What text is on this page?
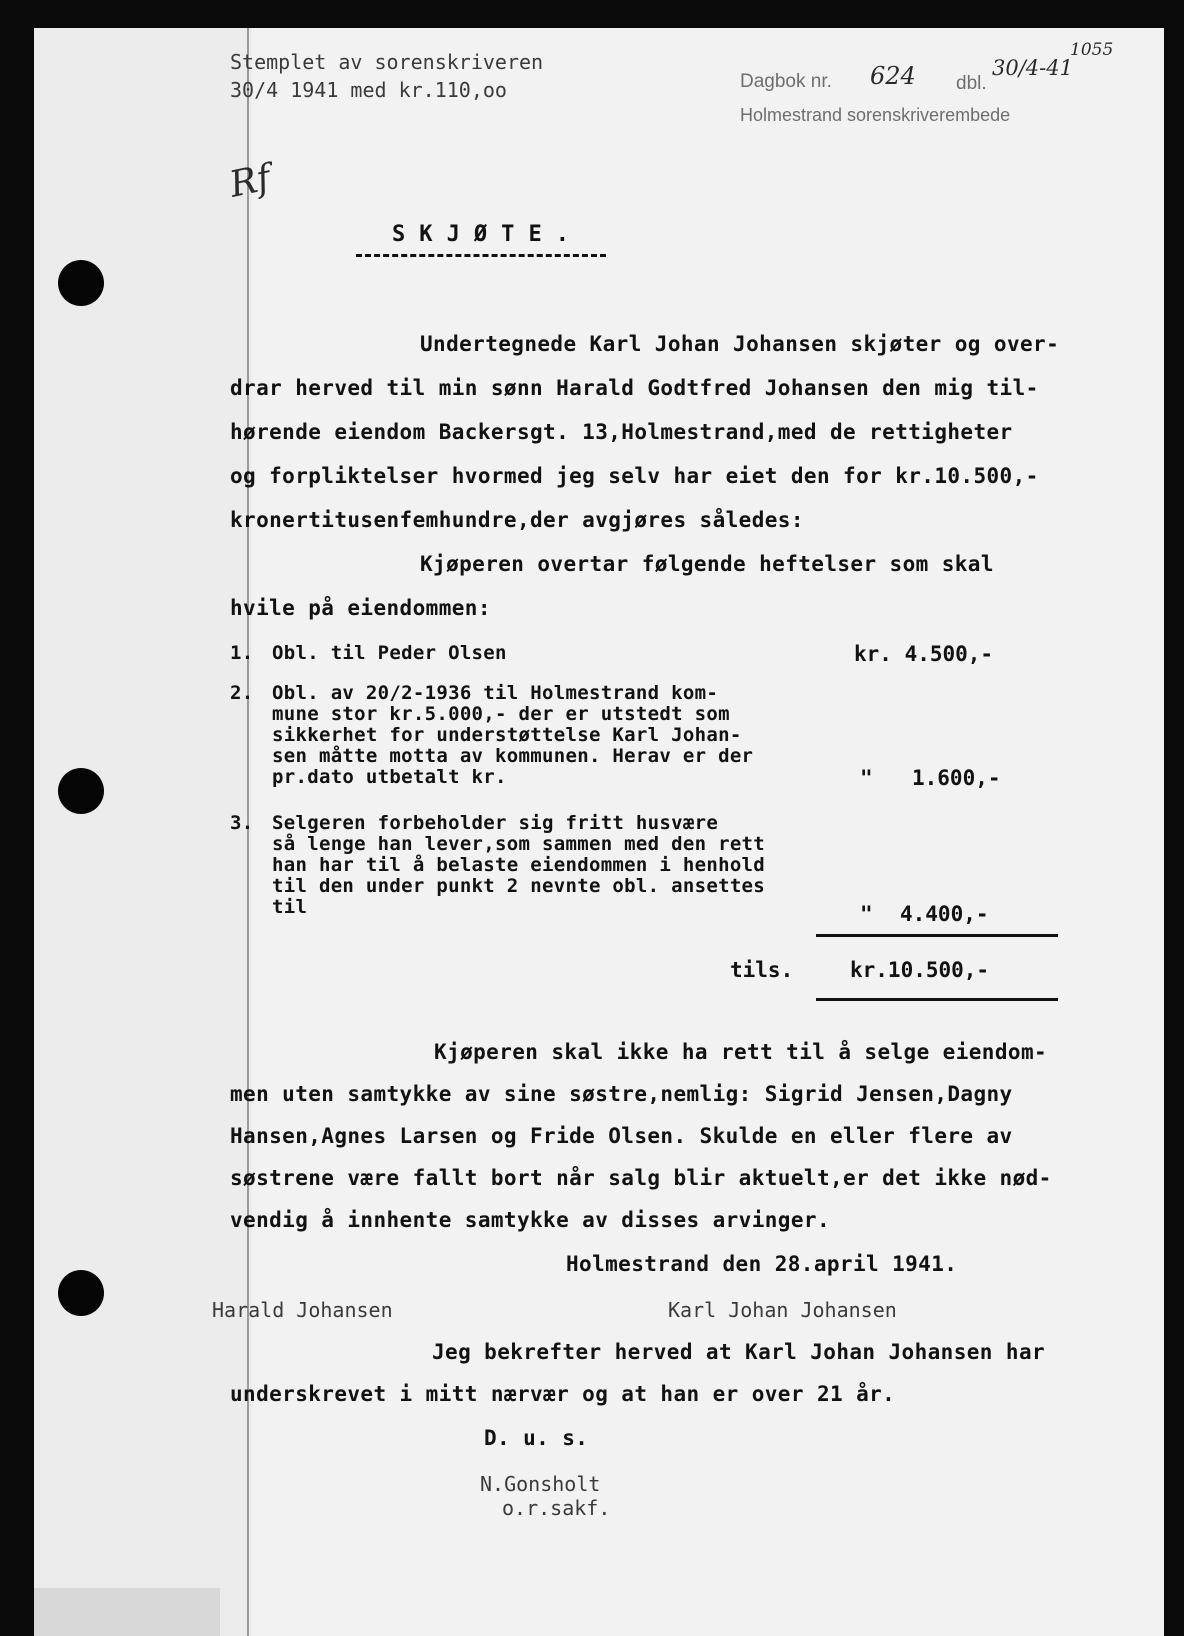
Stemplet av sorenskriveren
30/4 1941 med kr.110,oo	Dagbok nr. 624 dbl.
30/4-41
1055
Holmestrand sorenskriverembede
Rf
S K J Ø T E .
Undertegnede Karl Johan Johansen skjøter og over-
drar herved til min sønn Harald Godtfred Johansen den mig til-
hørende eiendom Backersgt. 13,Holmestrand,med de rettigheter
og forpliktelser hvormed jeg selv har eiet den for kr.10.500,-
kronertitusenfemhundre,der avgjøres således:
Kjøperen overtar følgende heftelser som skal
hvile på eiendommen:
1. Obl. til Peder Olsen	kr. 4.500,-
2. Obl. av 20/2-1936 til Holmestrand kom-
mune stor kr.5.000,- der er utstedt som
sikkerhet for understøttelse Karl Johan-
sen måtte motta av kommunen. Herav er der
pr.dato utbetalt kr.	" 1.600,-
3. Selgeren forbeholder sig fritt husvære
så lenge han lever,som sammen med den rett
han har til å belaste eiendommen i henhold
til den under punkt 2 nevnte obl. ansettes
til	" 4.400,-
tils.	kr.10.500,-
Kjøperen skal ikke ha rett til å selge eiendom-
men uten samtykke av sine søstre,nemlig: Sigrid Jensen,Dagny
Hansen,Agnes Larsen og Fride Olsen. Skulde en eller flere av
søstrene være fallt bort når salg blir aktuelt,er det ikke nød-
vendig å innhente samtykke av disses arvinger.
Holmestrand den 28.april 1941.
Harald Johansen	Karl Johan Johansen
Jeg bekrefter herved at Karl Johan Johansen har
underskrevet i mitt nærvær og at han er over 21 år.
D. u. s.
N.Gonsholt
o.r.sakf.
